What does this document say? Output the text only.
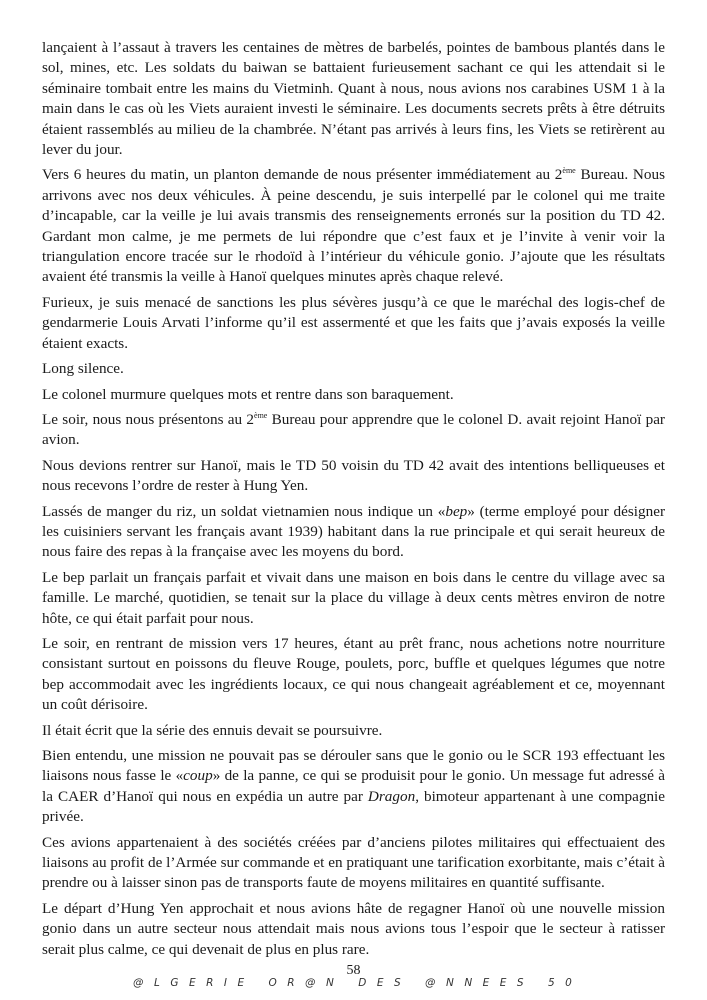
lançaient à l’assaut à travers les centaines de mètres de barbelés, pointes de bambous plantés dans le sol, mines, etc. Les soldats du baiwan se battaient furieusement sachant ce qui les attendait si le séminaire tombait entre les mains du Vietminh. Quant à nous, nous avions nos carabines USM 1 à la main dans le cas où les Viets auraient investi le séminaire. Les documents secrets prêts à être détruits étaient rassemblés au milieu de la chambrée. N’étant pas arrivés à leurs fins, les Viets se retirèrent au lever du jour.

Vers 6 heures du matin, un planton demande de nous présenter immédiatement au 2ème Bureau. Nous arrivons avec nos deux véhicules. À peine descendu, je suis interpellé par le colonel qui me traite d’incapable, car la veille je lui avais transmis des renseignements erronés sur la position du TD 42. Gardant mon calme, je me permets de lui répondre que c’est faux et je l’invite à venir voir la triangulation encore tracée sur le rhodoïd à l’intérieur du véhicule gonio. J’ajoute que les résultats avaient été transmis la veille à Hanoï quelques minutes après chaque relevé.

Furieux, je suis menacé de sanctions les plus sévères jusqu’à ce que le maréchal des logis-chef de gendarmerie Louis Arvati l’informe qu’il est assermenté et que les faits que j’avais exposés la veille étaient exacts.

Long silence.

Le colonel murmure quelques mots et rentre dans son baraquement.

Le soir, nous nous présentons au 2ème Bureau pour apprendre que le colonel D. avait rejoint Hanoï par avion.

Nous devions rentrer sur Hanoï, mais le TD 50 voisin du TD 42 avait des intentions belliqueuses et nous recevons l’ordre de rester à Hung Yen.

Lassés de manger du riz, un soldat vietnamien nous indique un «bep» (terme employé pour désigner les cuisiniers servant les français avant 1939) habitant dans la rue principale et qui serait heureux de nous faire des repas à la française avec les moyens du bord.

Le bep parlait un français parfait et vivait dans une maison en bois dans le centre du village avec sa famille. Le marché, quotidien, se tenait sur la place du village à deux cents mètres environ de notre hôte, ce qui était parfait pour nous.

Le soir, en rentrant de mission vers 17 heures, étant au prêt franc, nous achetions notre nourriture consistant surtout en poissons du fleuve Rouge, poulets, porc, buffle et quelques légumes que notre bep accommodait avec les ingrédients locaux, ce qui nous changeait agréablement et ce, moyennant un coût dérisoire.

Il était écrit que la série des ennuis devait se poursuivre.

Bien entendu, une mission ne pouvait pas se dérouler sans que le gonio ou le SCR 193 effectuant les liaisons nous fasse le «coup» de la panne, ce qui se produisit pour le gonio. Un message fut adressé à la CAER d’Hanoï qui nous en expédia un autre par Dragon, bimoteur appartenant à une compagnie privée.

Ces avions appartenaient à des sociétés créées par d’anciens pilotes militaires qui effectuaient des liaisons au profit de l’Armée sur commande et en pratiquant une tarification exorbitante, mais c’était à prendre ou à laisser sinon pas de transports faute de moyens militaires en quantité suffisante.

Le départ d’Hung Yen approchait et nous avions hâte de regagner Hanoï où une nouvelle mission gonio dans un autre secteur nous attendait mais nous avions tous l’espoir que le secteur à ratisser serait plus calme, ce qui devenait de plus en plus rare.

58
@LGERIE OR@N DES @NNEES 50
